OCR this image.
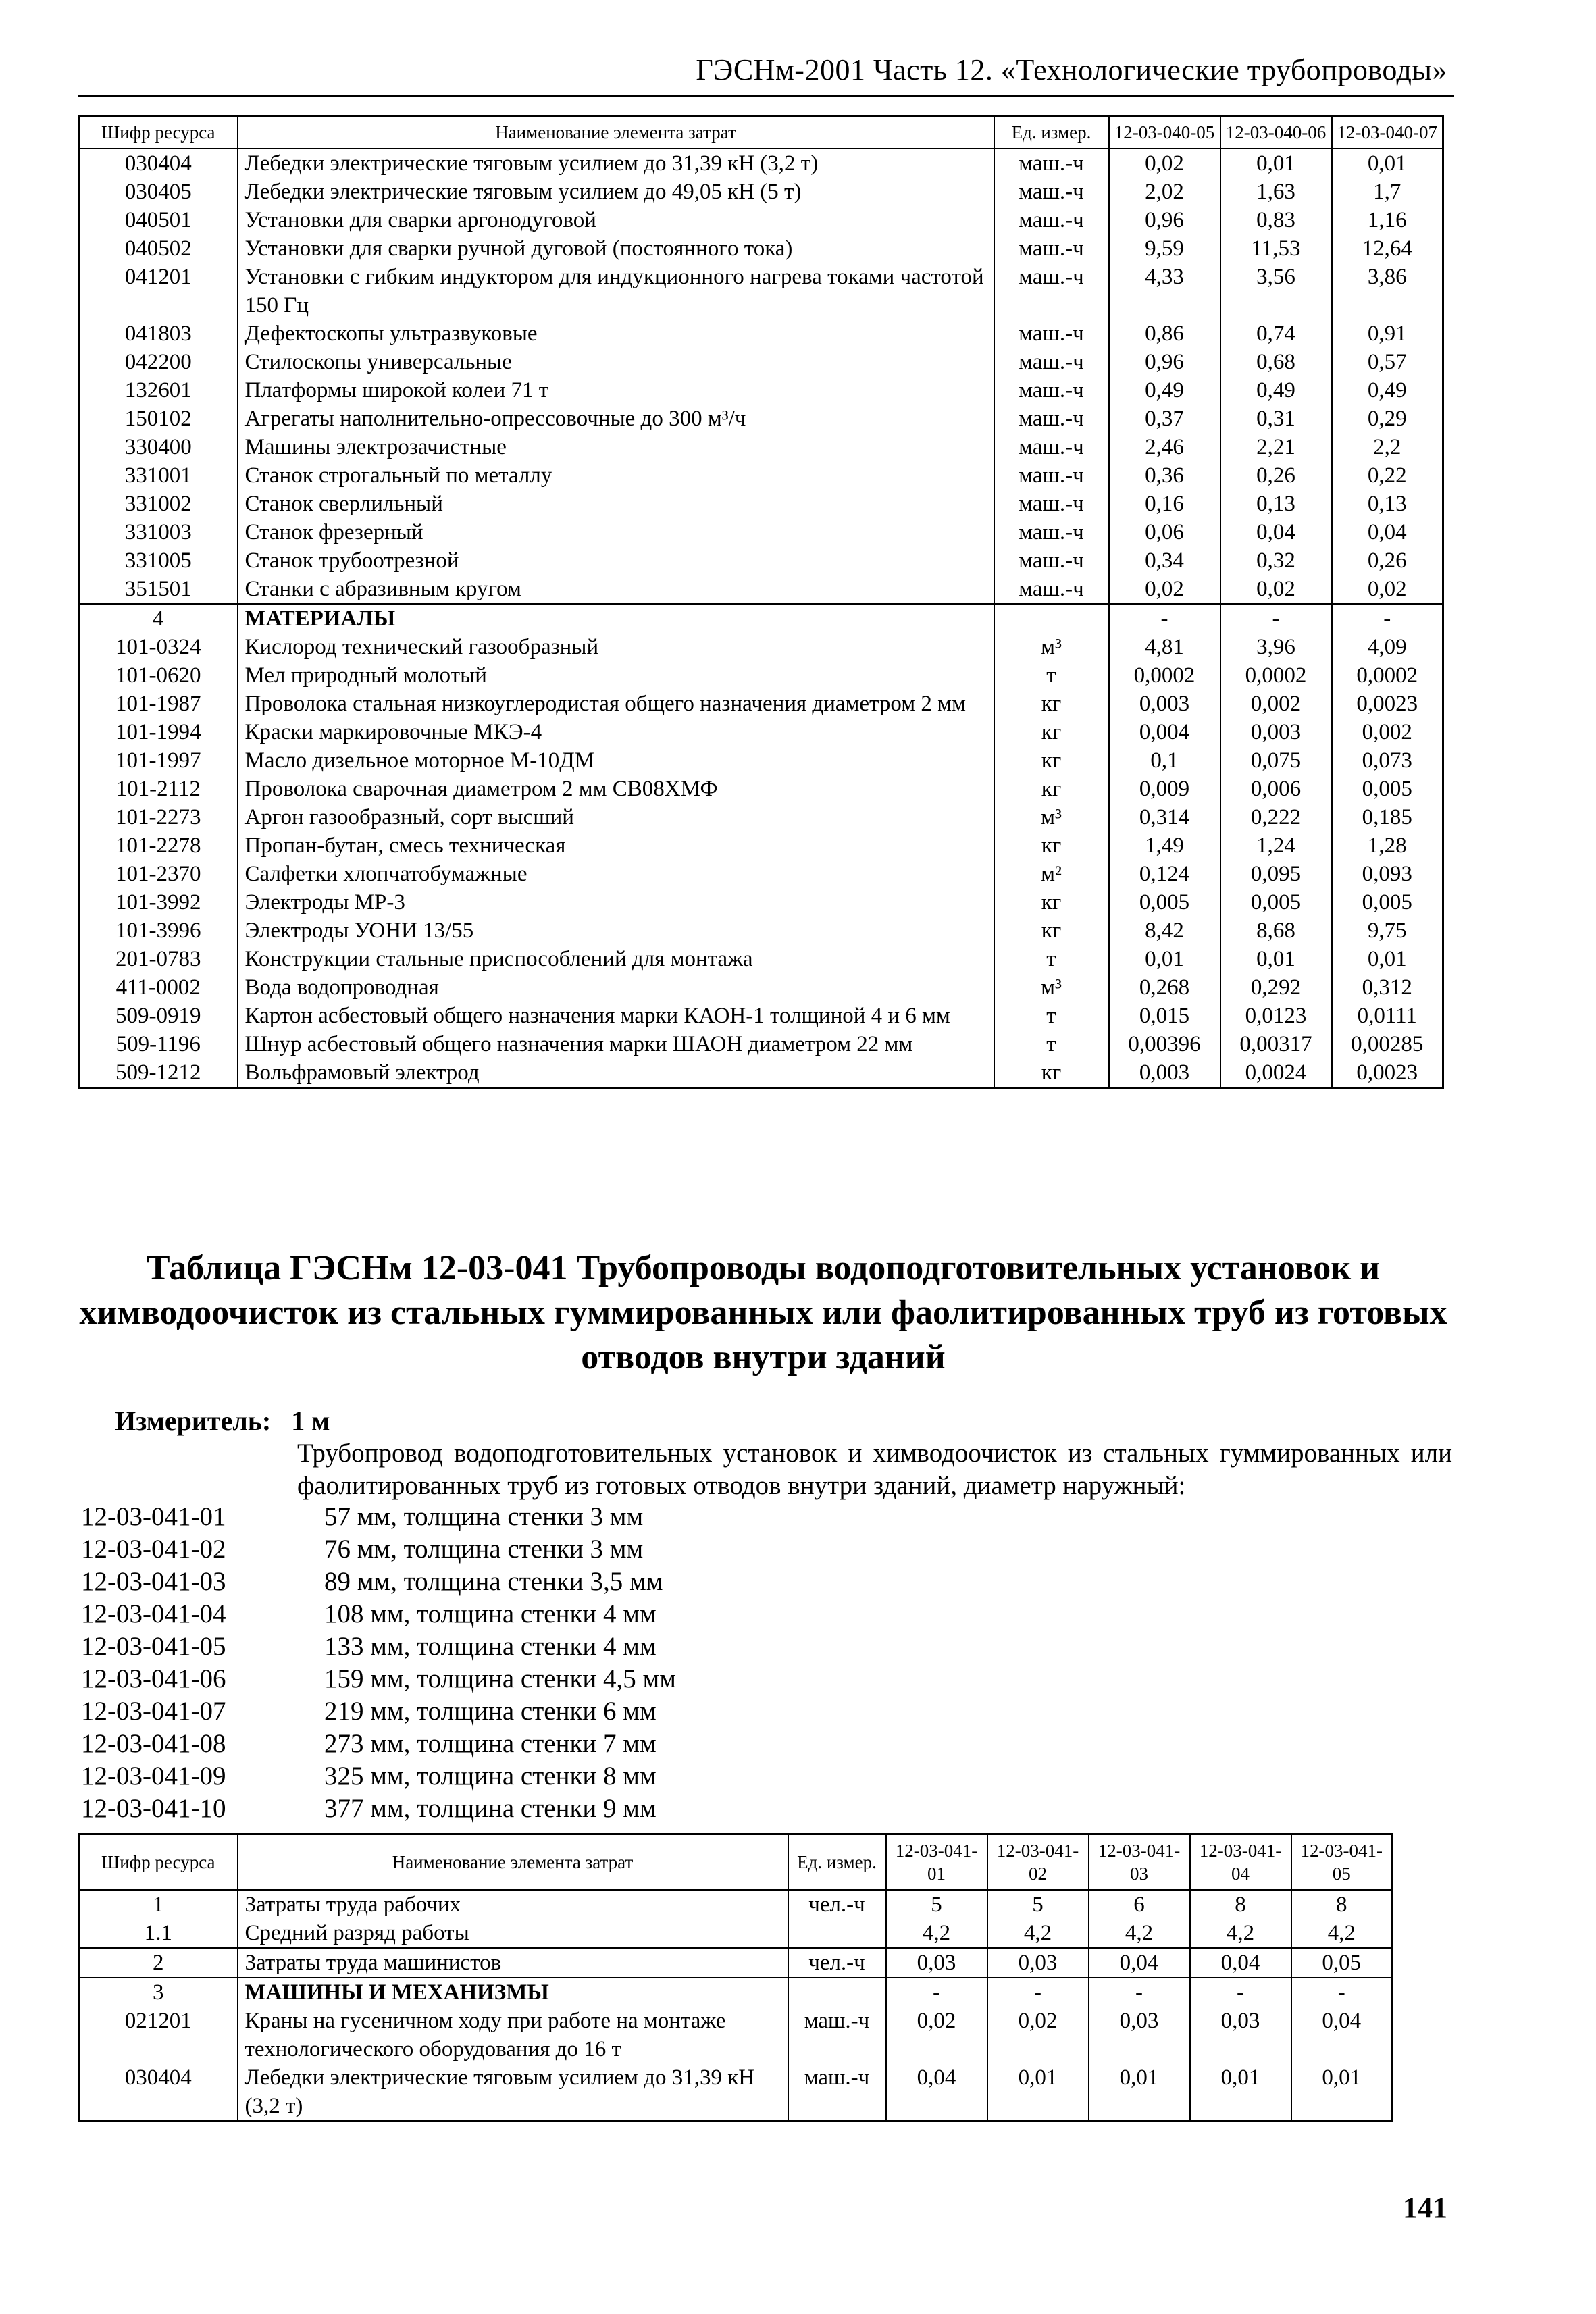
ГЭСНм-2001 Часть 12. «Технологические трубопроводы»
Шифр ресурса	Наименование элемента затрат	Ед. измер.	12-03-040-05	12-03-040-06	12-03-040-07
030404	Лебедки электрические тяговым усилием до 31,39 кН (3,2 т)	маш.-ч	0,02	0,01	0,01
030405	Лебедки электрические тяговым усилием до 49,05 кН (5 т)	маш.-ч	2,02	1,63	1,7
040501	Установки для сварки аргонодуговой	маш.-ч	0,96	0,83	1,16
040502	Установки для сварки ручной дуговой (постоянного тока)	маш.-ч	9,59	11,53	12,64
041201	Установки с гибким индуктором для индукционного нагрева токами частотой 150 Гц	маш.-ч	4,33	3,56	3,86
041803	Дефектоскопы ультразвуковые	маш.-ч	0,86	0,74	0,91
042200	Стилоскопы универсальные	маш.-ч	0,96	0,68	0,57
132601	Платформы широкой колеи 71 т	маш.-ч	0,49	0,49	0,49
150102	Агрегаты наполнительно-опрессовочные до 300 м³/ч	маш.-ч	0,37	0,31	0,29
330400	Машины электрозачистные	маш.-ч	2,46	2,21	2,2
331001	Станок строгальный по металлу	маш.-ч	0,36	0,26	0,22
331002	Станок сверлильный	маш.-ч	0,16	0,13	0,13
331003	Станок фрезерный	маш.-ч	0,06	0,04	0,04
331005	Станок трубоотрезной	маш.-ч	0,34	0,32	0,26
351501	Станки с абразивным кругом	маш.-ч	0,02	0,02	0,02
4	МАТЕРИАЛЫ		-	-	-
101-0324	Кислород технический газообразный	м³	4,81	3,96	4,09
101-0620	Мел природный молотый	т	0,0002	0,0002	0,0002
101-1987	Проволока стальная низкоуглеродистая общего назначения диаметром 2 мм	кг	0,003	0,002	0,0023
101-1994	Краски маркировочные МКЭ-4	кг	0,004	0,003	0,002
101-1997	Масло дизельное моторное М-10ДМ	кг	0,1	0,075	0,073
101-2112	Проволока сварочная диаметром 2 мм СВ08ХМФ	кг	0,009	0,006	0,005
101-2273	Аргон газообразный, сорт высший	м³	0,314	0,222	0,185
101-2278	Пропан-бутан, смесь техническая	кг	1,49	1,24	1,28
101-2370	Салфетки хлопчатобумажные	м²	0,124	0,095	0,093
101-3992	Электроды МР-3	кг	0,005	0,005	0,005
101-3996	Электроды УОНИ 13/55	кг	8,42	8,68	9,75
201-0783	Конструкции стальные приспособлений для монтажа	т	0,01	0,01	0,01
411-0002	Вода водопроводная	м³	0,268	0,292	0,312
509-0919	Картон асбестовый общего назначения марки КАОН-1 толщиной 4 и 6 мм	т	0,015	0,0123	0,0111
509-1196	Шнур асбестовый общего назначения марки ШАОН диаметром 22 мм	т	0,00396	0,00317	0,00285
509-1212	Вольфрамовый электрод	кг	0,003	0,0024	0,0023
Таблица ГЭСНм 12-03-041 Трубопроводы водоподготовительных установок и химводоочисток из стальных гуммированных или фаолитированных труб из готовых отводов внутри зданий
Измеритель: 1 м
Трубопровод водоподготовительных установок и химводоочисток из стальных гуммированных или фаолитированных труб из готовых отводов внутри зданий, диаметр наружный:
12-03-041-01	57 мм, толщина стенки 3 мм
12-03-041-02	76 мм, толщина стенки 3 мм
12-03-041-03	89 мм, толщина стенки 3,5 мм
12-03-041-04	108 мм, толщина стенки 4 мм
12-03-041-05	133 мм, толщина стенки 4 мм
12-03-041-06	159 мм, толщина стенки 4,5 мм
12-03-041-07	219 мм, толщина стенки 6 мм
12-03-041-08	273 мм, толщина стенки 7 мм
12-03-041-09	325 мм, толщина стенки 8 мм
12-03-041-10	377 мм, толщина стенки 9 мм
Шифр ресурса	Наименование элемента затрат	Ед. измер.	12-03-041-01	12-03-041-02	12-03-041-03	12-03-041-04	12-03-041-05
1	Затраты труда рабочих	чел.-ч	5	5	6	8	8
1.1	Средний разряд работы		4,2	4,2	4,2	4,2	4,2
2	Затраты труда машинистов	чел.-ч	0,03	0,03	0,04	0,04	0,05
3	МАШИНЫ И МЕХАНИЗМЫ		-	-	-	-	-
021201	Краны на гусеничном ходу при работе на монтаже технологического оборудования до 16 т	маш.-ч	0,02	0,02	0,03	0,03	0,04
030404	Лебедки электрические тяговым усилием до 31,39 кН (3,2 т)	маш.-ч	0,04	0,01	0,01	0,01	0,01
141
